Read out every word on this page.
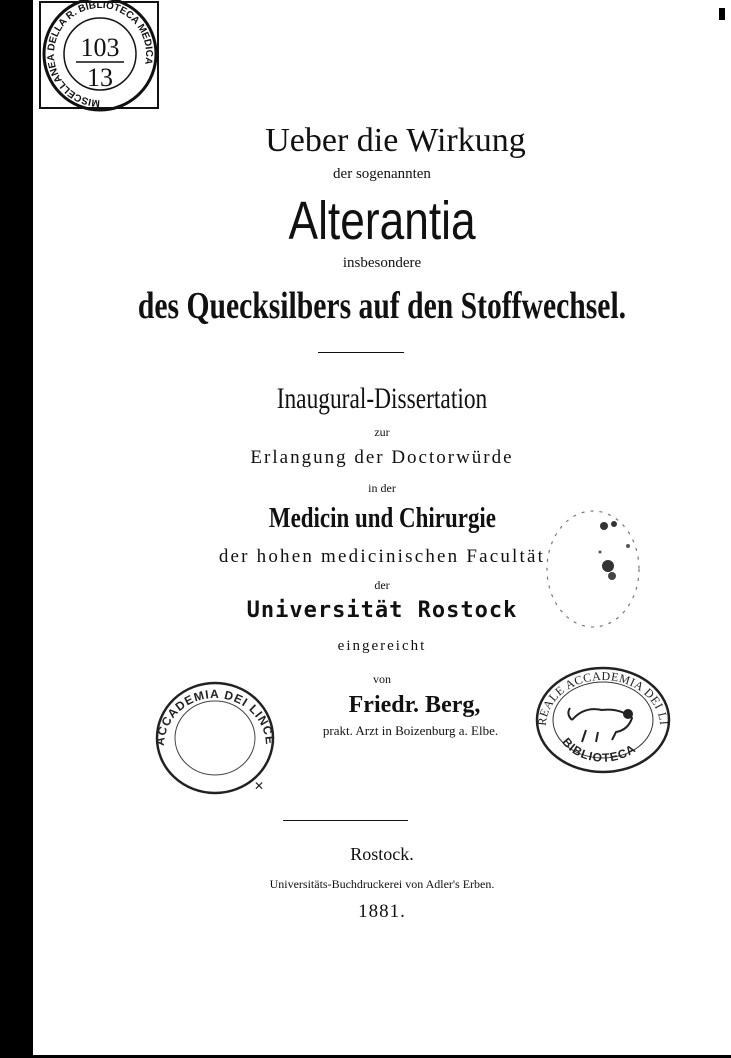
MISCELLANEA DELLA R. BIBLIOTECA MEDICA
103
13
Ueber die Wirkung
der sogenannten
Alterantia
insbesondere
des Quecksilbers auf den Stoffwechsel.
Inaugural-Dissertation
zur
Erlangung der Doctorwürde
in der
Medicin und Chirurgie
der hohen medicinischen Facultät
der
Universität Rostock
eingereicht
von
Friedr. Berg,
prakt. Arzt in Boizenburg a. Elbe.
ACCADEMIA DEI LINCEI
✕
REALE ACCADEMIA DEI LINCEI
BIBLIOTECA
Rostock.
Universitäts-Buchdruckerei von Adler's Erben.
1881.
